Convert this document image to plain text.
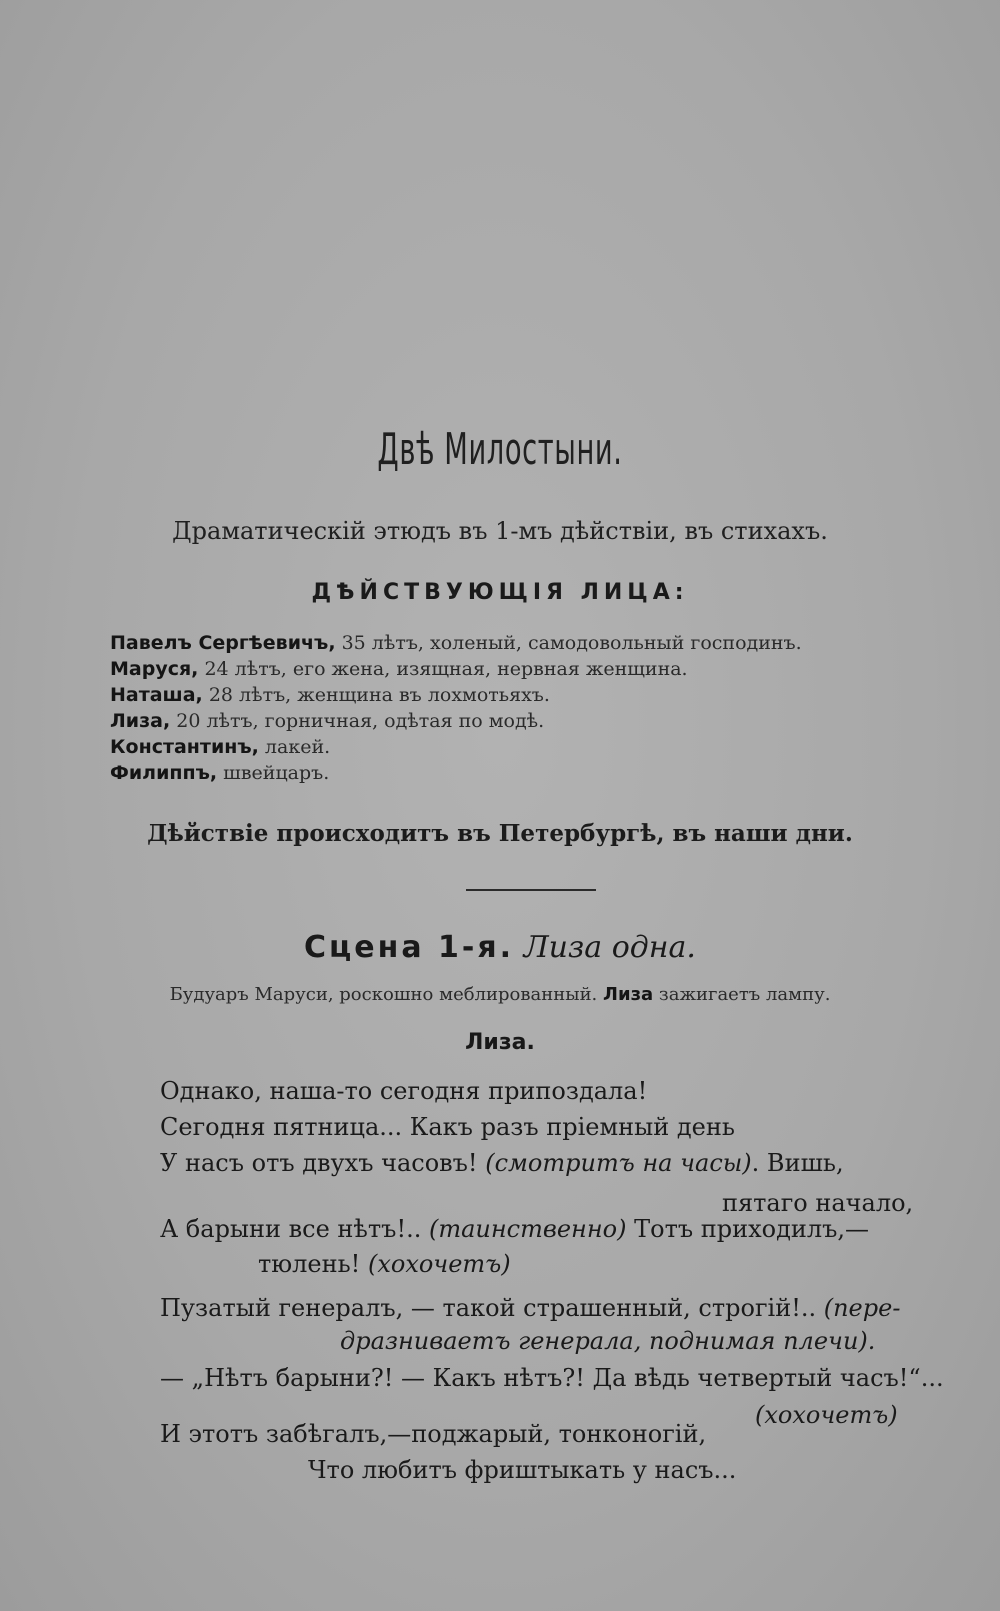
Двѣ Милостыни.
Драматическій этюдъ въ 1-мъ дѣйствіи, въ стихахъ.
ДѢЙСТВУЮЩІЯ ЛИЦА:
Павелъ Сергѣевичъ, 35 лѣтъ, холеный, самодовольный господинъ.
Маруся, 24 лѣтъ, его жена, изящная, нервная женщина.
Наташа, 28 лѣтъ, женщина въ лохмотьяхъ.
Лиза, 20 лѣтъ, горничная, одѣтая по модѣ.
Константинъ, лакей.
Филиппъ, швейцаръ.
Дѣйствіе происходитъ въ Петербургѣ, въ наши дни.
Сцена 1-я. Лиза одна.
Будуаръ Маруси, роскошно меблированный. Лиза зажигаетъ лампу.
Лиза.
Однако, наша-то сегодня припоздала!
Сегодня пятница... Какъ разъ пріемный день
У насъ отъ двухъ часовъ! (смотритъ на часы). Вишь,
пятаго начало,
А барыни все нѣтъ!.. (таинственно) Тотъ приходилъ,—
тюлень! (хохочетъ)
Пузатый генералъ, — такой страшенный, строгій!.. (пере-
дразниваетъ генерала, поднимая плечи).
— „Нѣтъ барыни?! — Какъ нѣтъ?! Да вѣдь четвертый часъ!“...
(хохочетъ)
И этотъ забѣгалъ,—поджарый, тонконогій,
Что любитъ фриштыкать у насъ...
